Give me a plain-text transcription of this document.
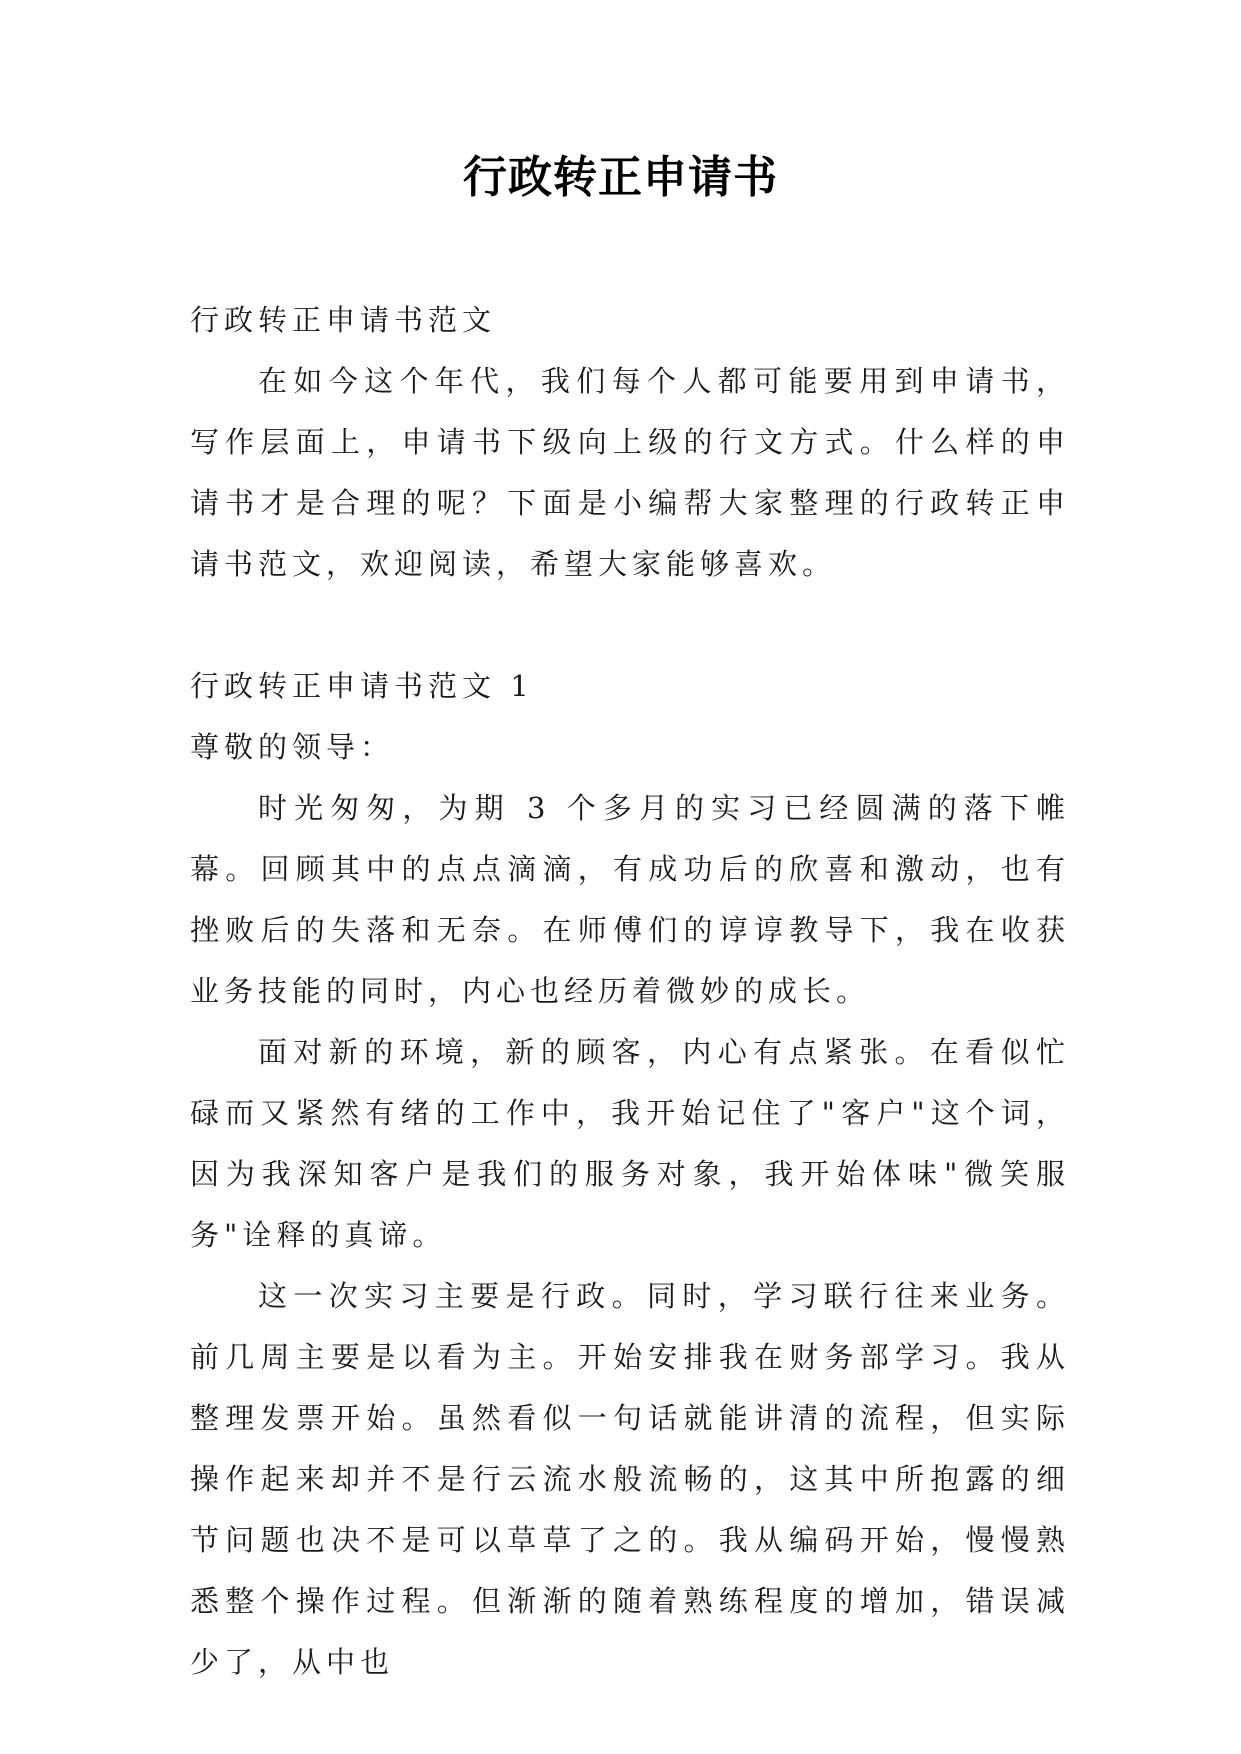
行政转正申请书

行政转正申请书范文

在如今这个年代，我们每个人都可能要用到申请书，写作层面上，申请书下级向上级的行文方式。什么样的申请书才是合理的呢？下面是小编帮大家整理的行政转正申请书范文，欢迎阅读，希望大家能够喜欢。

行政转正申请书范文 1

尊敬的领导：

时光匆匆，为期 3 个多月的实习已经圆满的落下帷幕。回顾其中的点点滴滴，有成功后的欣喜和激动，也有挫败后的失落和无奈。在师傅们的谆谆教导下，我在收获业务技能的同时，内心也经历着微妙的成长。

面对新的环境，新的顾客，内心有点紧张。在看似忙碌而又紧然有绪的工作中，我开始记住了"客户"这个词，因为我深知客户是我们的服务对象，我开始体味"微笑服务"诠释的真谛。

这一次实习主要是行政。同时，学习联行往来业务。前几周主要是以看为主。开始安排我在财务部学习。我从整理发票开始。虽然看似一句话就能讲清的流程，但实际操作起来却并不是行云流水般流畅的，这其中所抱露的细节问题也决不是可以草草了之的。我从编码开始，慢慢熟悉整个操作过程。但渐渐的随着熟练程度的增加，错误减少了，从中也
